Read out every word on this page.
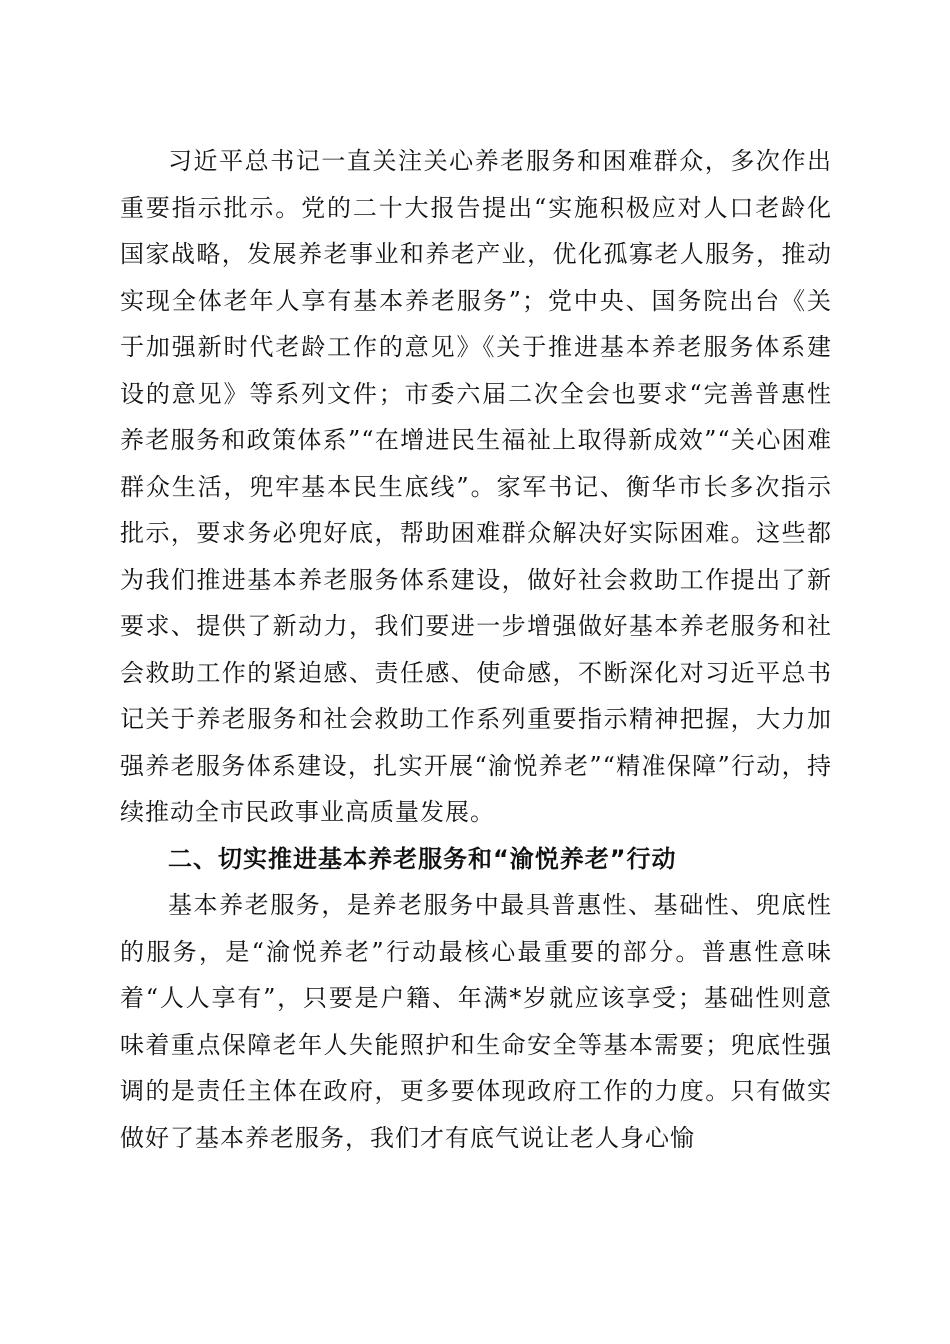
习近平总书记一直关注关心养老服务和困难群众，多次作出重要指示批示。党的二十大报告提出“实施积极应对人口老龄化国家战略，发展养老事业和养老产业，优化孤寡老人服务，推动实现全体老年人享有基本养老服务”；党中央、国务院出台《关于加强新时代老龄工作的意见》《关于推进基本养老服务体系建设的意见》等系列文件；市委六届二次全会也要求“完善普惠性养老服务和政策体系”“在增进民生福祉上取得新成效”“关心困难群众生活，兜牢基本民生底线”。家军书记、衡华市长多次指示批示，要求务必兜好底，帮助困难群众解决好实际困难。这些都为我们推进基本养老服务体系建设，做好社会救助工作提出了新要求、提供了新动力，我们要进一步增强做好基本养老服务和社会救助工作的紧迫感、责任感、使命感，不断深化对习近平总书记关于养老服务和社会救助工作系列重要指示精神把握，大力加强养老服务体系建设，扎实开展“渝悦养老”“精准保障”行动，持续推动全市民政事业高质量发展。

二、切实推进基本养老服务和“渝悦养老”行动

基本养老服务，是养老服务中最具普惠性、基础性、兜底性的服务，是“渝悦养老”行动最核心最重要的部分。普惠性意味着“人人享有”，只要是户籍、年满*岁就应该享受；基础性则意味着重点保障老年人失能照护和生命安全等基本需要；兜底性强调的是责任主体在政府，更多要体现政府工作的力度。只有做实做好了基本养老服务，我们才有底气说让老人身心愉
